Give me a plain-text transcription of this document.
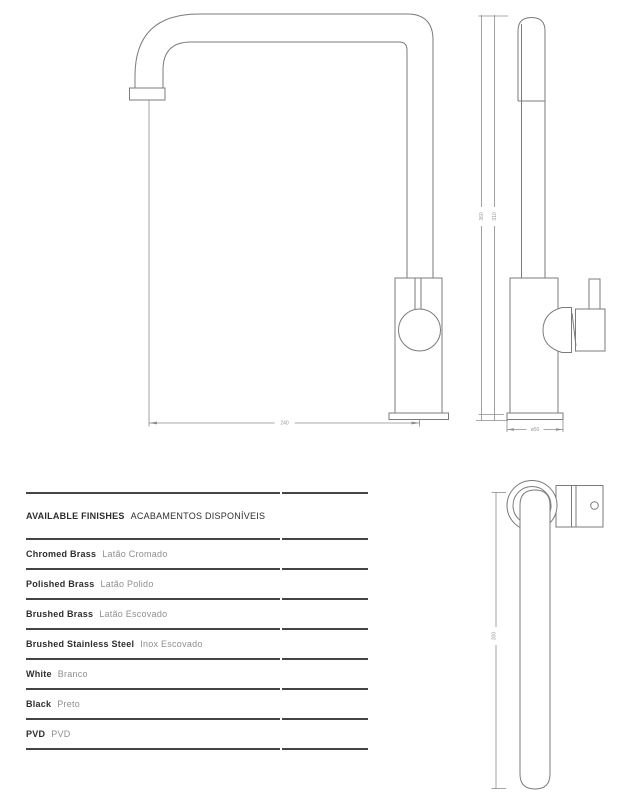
240
360 310
ø50
300
AVAILABLE FINISHES ACABAMENTOS DISPONÍVEIS
Chromed Brass Latão Cromado
Polished Brass Latão Polido
Brushed Brass Latão Escovado
Brushed Stainless Steel Inox Escovado
White Branco
Black Preto
PVD PVD
